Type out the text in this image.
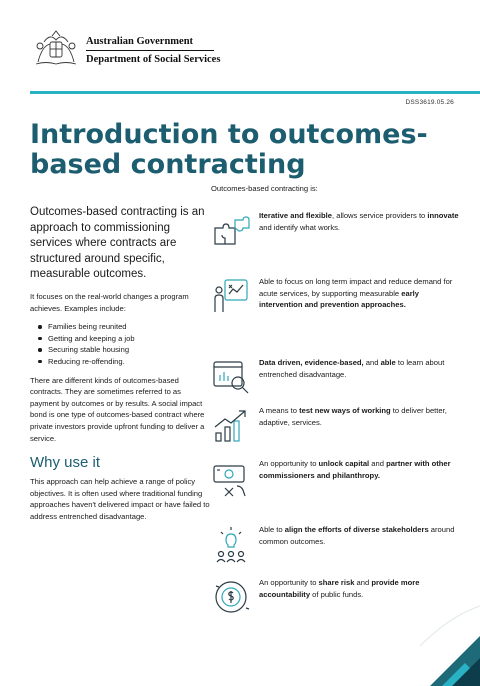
Australian Government
Department of Social Services
DSS3619.05.26
Introduction to outcomes-based contracting

Outcomes-based contracting is an approach to commissioning services where contracts are structured around specific, measurable outcomes.

It focuses on the real-world changes a program achieves. Examples include:

Families being reunited
Getting and keeping a job
Securing stable housing
Reducing re-offending.

There are different kinds of outcomes-based contracts. They are sometimes referred to as payment by outcomes or by results. A social impact bond is one type of outcomes-based contract where private investors provide upfront funding to deliver a service.

Why use it

This approach can help achieve a range of policy objectives. It is often used where traditional funding approaches haven't delivered impact or have failed to address entrenched disadvantage.

Outcomes-based contracting is:
Iterative and flexible, allows service providers to innovate and identify what works.
Able to focus on long term impact and reduce demand for acute services, by supporting measurable early intervention and prevention approaches.
Data driven, evidence-based, and able to learn about entrenched disadvantage.
A means to test new ways of working to deliver better, adaptive, services.
An opportunity to unlock capital and partner with other commissioners and philanthropy.
Able to align the efforts of diverse stakeholders around common outcomes.
An opportunity to share risk and provide more accountability of public funds.
